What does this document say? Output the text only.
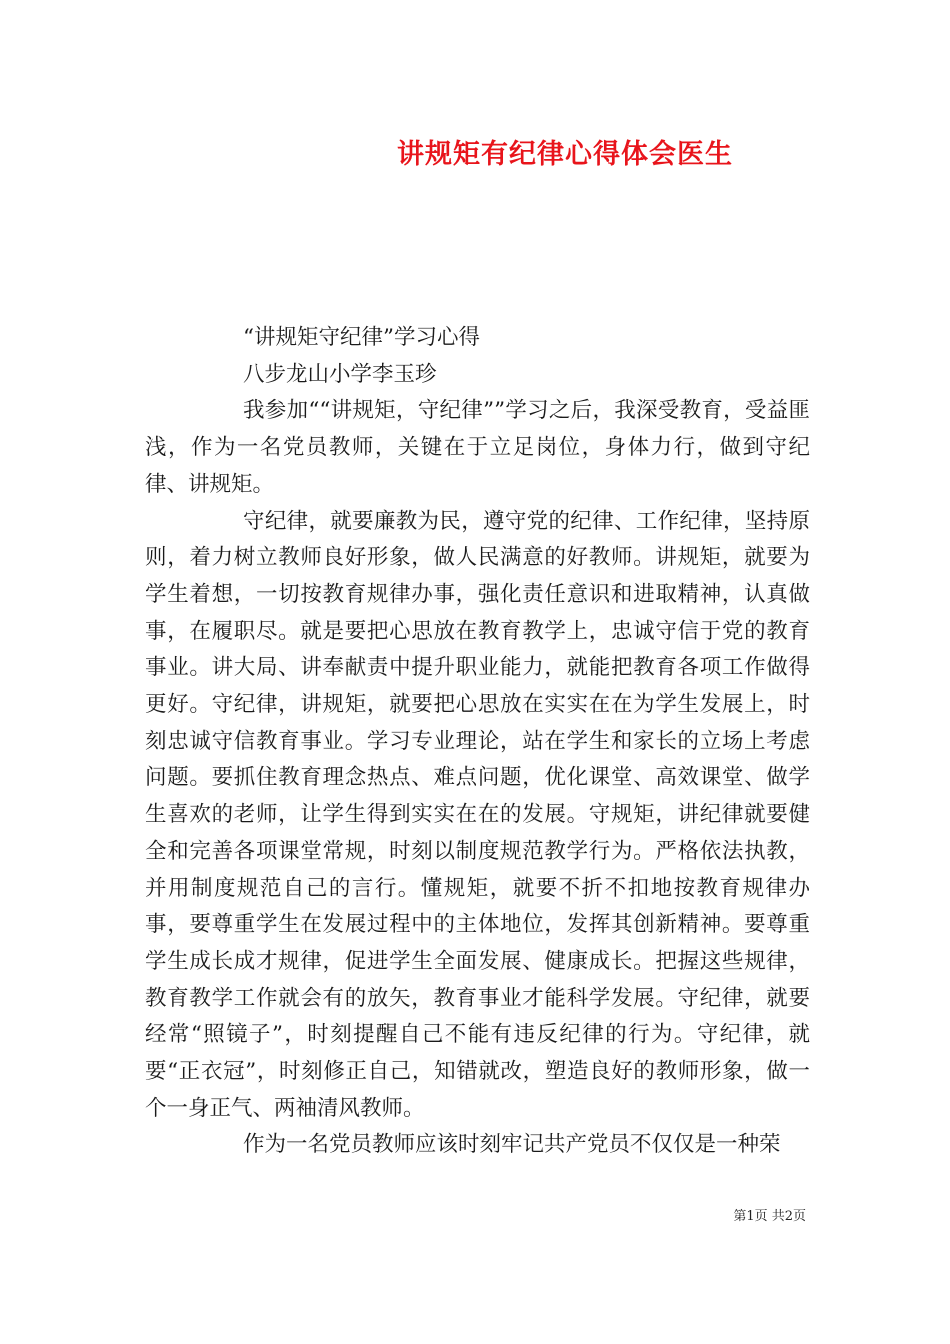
讲规矩有纪律心得体会医生

“讲规矩守纪律”学习心得

八步龙山小学李玉珍

我参加““讲规矩，守纪律””学习之后，我深受教育，受益匪浅，作为一名党员教师，关键在于立足岗位，身体力行，做到守纪律、讲规矩。

守纪律，就要廉教为民，遵守党的纪律、工作纪律，坚持原则，着力树立教师良好形象，做人民满意的好教师。讲规矩，就要为学生着想，一切按教育规律办事，强化责任意识和进取精神，认真做事，在履职尽。就是要把心思放在教育教学上，忠诚守信于党的教育事业。讲大局、讲奉献责中提升职业能力，就能把教育各项工作做得更好。守纪律，讲规矩，就要把心思放在实实在在为学生发展上，时刻忠诚守信教育事业。学习专业理论，站在学生和家长的立场上考虑问题。要抓住教育理念热点、难点问题，优化课堂、高效课堂、做学生喜欢的老师，让学生得到实实在在的发展。守规矩，讲纪律就要健全和完善各项课堂常规，时刻以制度规范教学行为。严格依法执教，并用制度规范自己的言行。懂规矩，就要不折不扣地按教育规律办事，要尊重学生在发展过程中的主体地位，发挥其创新精神。要尊重学生成长成才规律，促进学生全面发展、健康成长。把握这些规律，教育教学工作就会有的放矢，教育事业才能科学发展。守纪律，就要经常“照镜子”，时刻提醒自己不能有违反纪律的行为。守纪律，就要“正衣冠”，时刻修正自己，知错就改，塑造良好的教师形象，做一个一身正气、两袖清风教师。

作为一名党员教师应该时刻牢记共产党员不仅仅是一种荣

第1页 共2页
